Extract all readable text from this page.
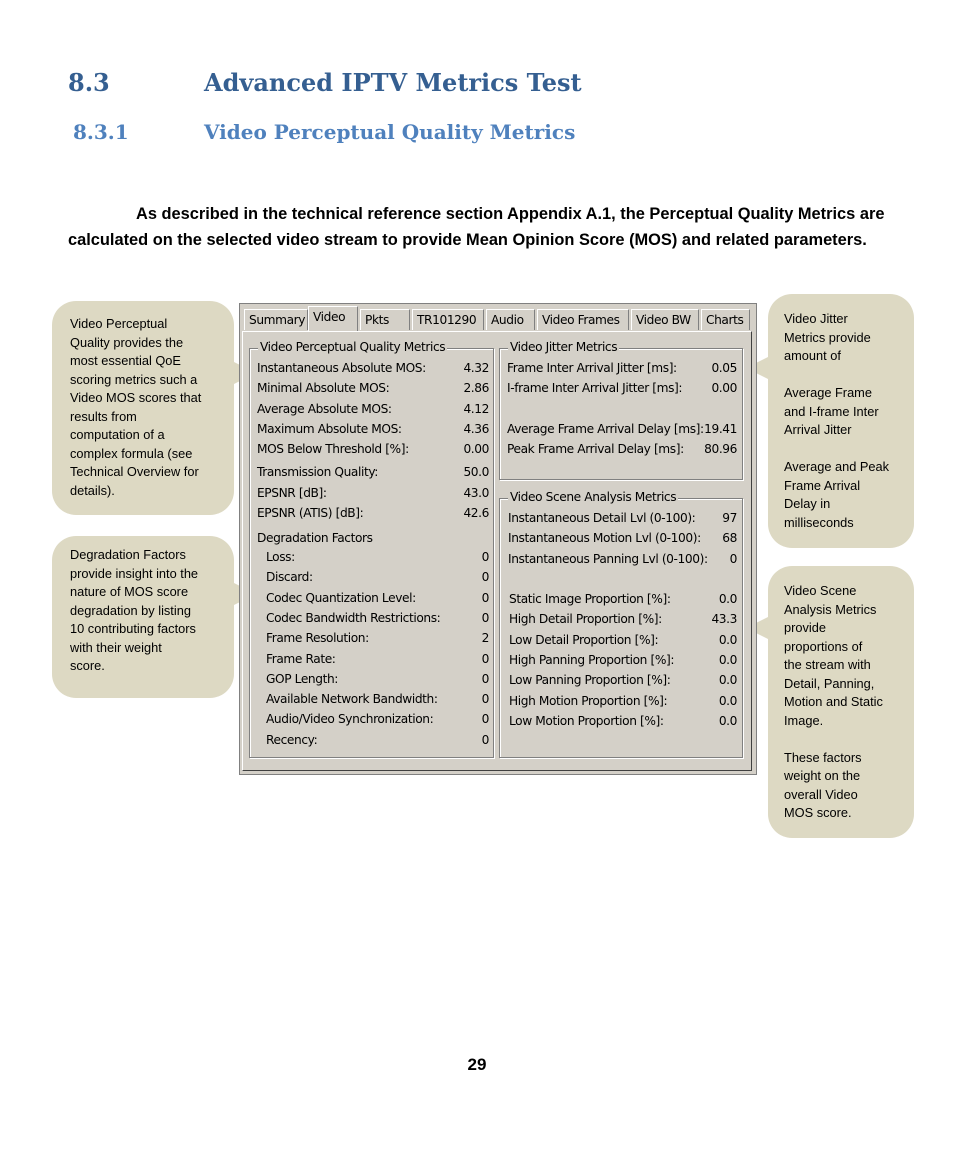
8.3	Advanced IPTV Metrics Test
8.3.1	Video Perceptual Quality Metrics
As described in the technical reference section Appendix A.1, the Perceptual Quality Metrics are calculated on the selected video stream to provide Mean Opinion Score (MOS) and related parameters.

Video Perceptual
Quality provides the
most essential QoE
scoring metrics such a
Video MOS scores that
results from
computation of a
complex formula (see
Technical Overview for
details).

Degradation Factors
provide insight into the
nature of MOS score
degradation by listing
10 contributing factors
with their weight
score.

Video Jitter
Metrics provide
amount of

Average Frame
and I-frame Inter
Arrival Jitter

Average and Peak
Frame Arrival
Delay in
milliseconds

Video Scene
Analysis Metrics
provide
proportions of
the stream with
Detail, Panning,
Motion and Static
Image.

These factors
weight on the
overall Video
MOS score.

Summary Video	Pkts	TR101290	Audio	Video Frames	Video BW	Charts
Video Perceptual Quality Metrics
Instantaneous Absolute MOS:	4.32
Minimal Absolute MOS:	2.86
Average Absolute MOS:	4.12
Maximum Absolute MOS:	4.36
MOS Below Threshold [%]:	0.00
Transmission Quality:	50.0
EPSNR [dB]:	43.0
EPSNR (ATIS) [dB]:	42.6
Degradation Factors
Loss:	0
Discard:	0
Codec Quantization Level:	0
Codec Bandwidth Restrictions:	0
Frame Resolution:	2
Frame Rate:	0
GOP Length:	0
Available Network Bandwidth:	0
Audio/Video Synchronization:	0
Recency:	0
Video Jitter Metrics
Frame Inter Arrival Jitter [ms]:	0.05
I-frame Inter Arrival Jitter [ms]: 0.00
Average Frame Arrival Delay [ms]: 19.41
Peak Frame Arrival Delay [ms]: 80.96
Video Scene Analysis Metrics
Instantaneous Detail Lvl (0-100): 97
Instantaneous Motion Lvl (0-100): 68
Instantaneous Panning Lvl (0-100): 0
Static Image Proportion [%]:	0.0
High Detail Proportion [%]:	43.3
Low Detail Proportion [%]:	0.0
High Panning Proportion [%]:	0.0
Low Panning Proportion [%]:	0.0
High Motion Proportion [%]:	0.0
Low Motion Proportion [%]:	0.0
29
